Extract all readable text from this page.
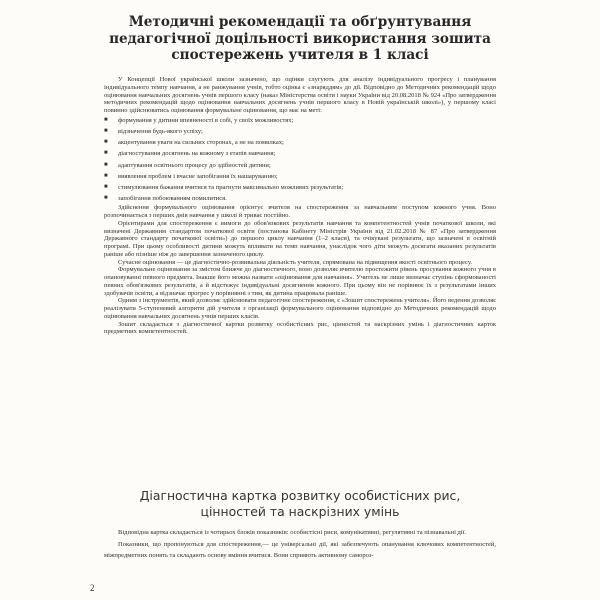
Методичні рекомендації та обґрунтування
педагогічної доцільності використання зошита
спостережень учителя в 1 класі

У Концепції Нової української школи зазначено, що оцінки слугують для аналізу індивідуального прогресу і планування індивідуального темпу навчання, а не ранжування учнів, тобто оцінка є «знаряддям» до дії. Відповідно до Методичних рекомендацій щодо оцінювання навчальних досягнень учнів першого класу (наказ Міністерства освіти і науки України від 20.08.2018 № 924 «Про затвердження методичних рекомендацій щодо оцінювання навчальних досягнень учнів першого класу в Новій українській школі»), у першому класі повинно здійснюватись оцінювання формувальне оцінювання, що має на меті:

■ формування у дитини впевненості в собі, у своїх можливостях;
■ відзначення будь-якого успіху;
■ акцентування уваги на сильних сторонах, а не на помилках;
■ діагностування досягнень на кожному з етапів навчання;
■ адаптування освітнього процесу до здібностей дитини;
■ виявлення проблем і вчасне запобігання їх нашаруванню;
■ стимулювання бажання вчитися та прагнути максимально можливих результатів;
■ запобігання побоюванням помилитися.

Здійснення формувального оцінювання орієнтує вчителя на спостереження за навчальним поступом кожного учня. Воно розпочинається з перших днів навчання у школі й триває постійно.

Орієнтирами для спостереження є вимоги до обов'язкових результатів навчання та компетентностей учнів початкової школи, які визначені Державним стандартом початкової освіти (постанова Кабінету Міністрів України від 21.02.2018 № 87 «Про затвердження Державного стандарту початкової освіти») до першого циклу навчання (1–2 класи), та очікувані результати, що зазначені в освітній програмі. При цьому особливості дитини можуть впливати на темп навчання, унаслідок чого діти можуть досягати вказаних результатів раніше або пізніше ніж до завершення зазначеного циклу.

Сучасне оцінювання — це діагностично-розвивальна діяльність учителя, спрямована на підвищення якості освітнього процесу.

Формувальне оцінювання за змістом ближче до діагностичного, воно дозволяє вчителю простежити рівень просування кожного учня в опановуванні певного предмета. Інакше його можна назвати «оцінювання для навчання». Учитель не лише визначає ступінь сформованості певних обов'язкових результатів, а й відстежує індивідуальні досягнення кожного. При цьому він не порівнює їх з результатами інших здобувачів освіти, а відзначає прогрес у порівнянні з тим, як дитина працювала раніше.

Одним з інструментів, який дозволяє здійснювати педагогічне спостереження, є «Зошит спостережень учителя». Його ведення дозволяє реалізувати 5-ступеневий алгоритм дій учителя з організації формувального оцінювання відповідно до Методичних рекомендацій щодо оцінювання навчальних досягнень учнів перших класів.

Зошит складається з діагностичної картки розвитку особистісних рис, цінностей та наскрізних умінь і діагностичних карток предметних компетентностей.

Діагностична картка розвитку особистісних рис,
цінностей та наскрізних умінь

Відповідна картка складається із чотирьох блоків показників: особистісні риси, комунікативні, регулятивні та пізнавальні дії.

Показники, що пропонуються для спостереження,— це універсальні дії, які забезпечують опанування ключових компетентностей, міжпредметних понять та складають основу вміння вчитися. Вони сприяють активному саморoз-

2
